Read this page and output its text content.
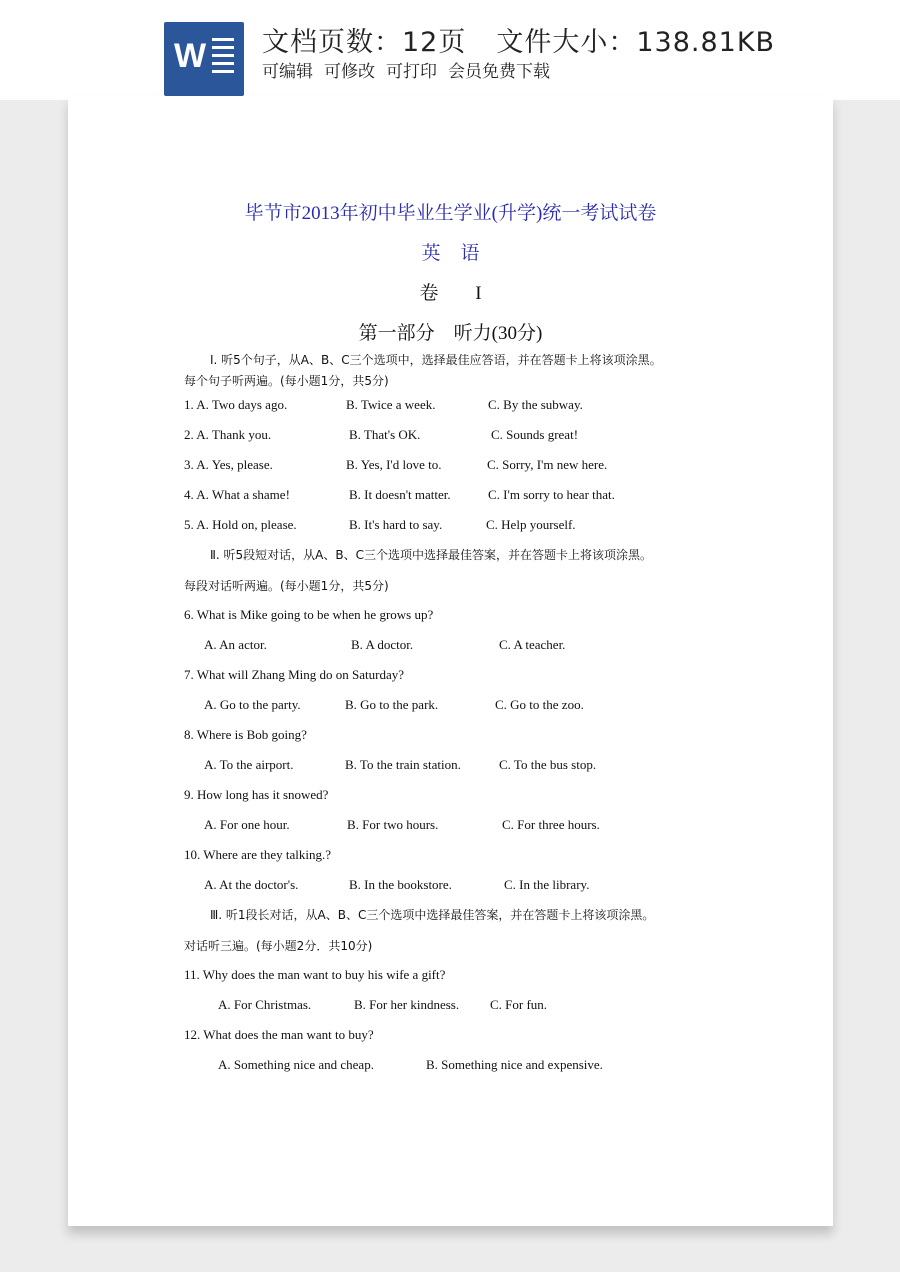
W 文档页数：12页 文件大小：138.81KB
可编辑 可修改 可打印 会员免费下载
毕节市2013年初中毕业生学业(升学)统一考试试卷
英语
卷 I
第一部分　听力(30分)
Ⅰ. 听5个句子，从A、B、C三个选项中，选择最佳应答语，并在答题卡上将该项涂黑。
每个句子听两遍。(每小题1分，共5分)
1. A. Two days ago.	B. Twice a week.	C. By the subway.
2. A. Thank you.	B. That's OK.	C. Sounds great!
3. A. Yes, please.	B. Yes, I'd love to.	C. Sorry, I'm new here.
4. A. What a shame!	B. It doesn't matter.	C. I'm sorry to hear that.
5. A. Hold on, please.	B. It's hard to say.	C. Help yourself.
Ⅱ. 听5段短对话，从A、B、C三个选项中选择最佳答案，并在答题卡上将该项涂黑。
每段对话听两遍。(每小题1分，共5分)
6. What is Mike going to be when he grows up?
A. An actor.	B. A doctor.	C. A teacher.
7. What will Zhang Ming do on Saturday?
A. Go to the party.	B. Go to the park.	C. Go to the zoo.
8. Where is Bob going?
A. To the airport.	B. To the train station.	C. To the bus stop.
9. How long has it snowed?
A. For one hour.	B. For two hours.	C. For three hours.
10. Where are they talking.?
A. At the doctor's.	B. In the bookstore.	C. In the library.
Ⅲ. 听1段长对话，从A、B、C三个选项中选择最佳答案，并在答题卡上将该项涂黑。
对话听三遍。(每小题2分．共10分)
11. Why does the man want to buy his wife a gift?
A. For Christmas.	B. For her kindness. C. For fun.
12. What does the man want to buy?
A. Something nice and cheap.	B. Something nice and expensive.
